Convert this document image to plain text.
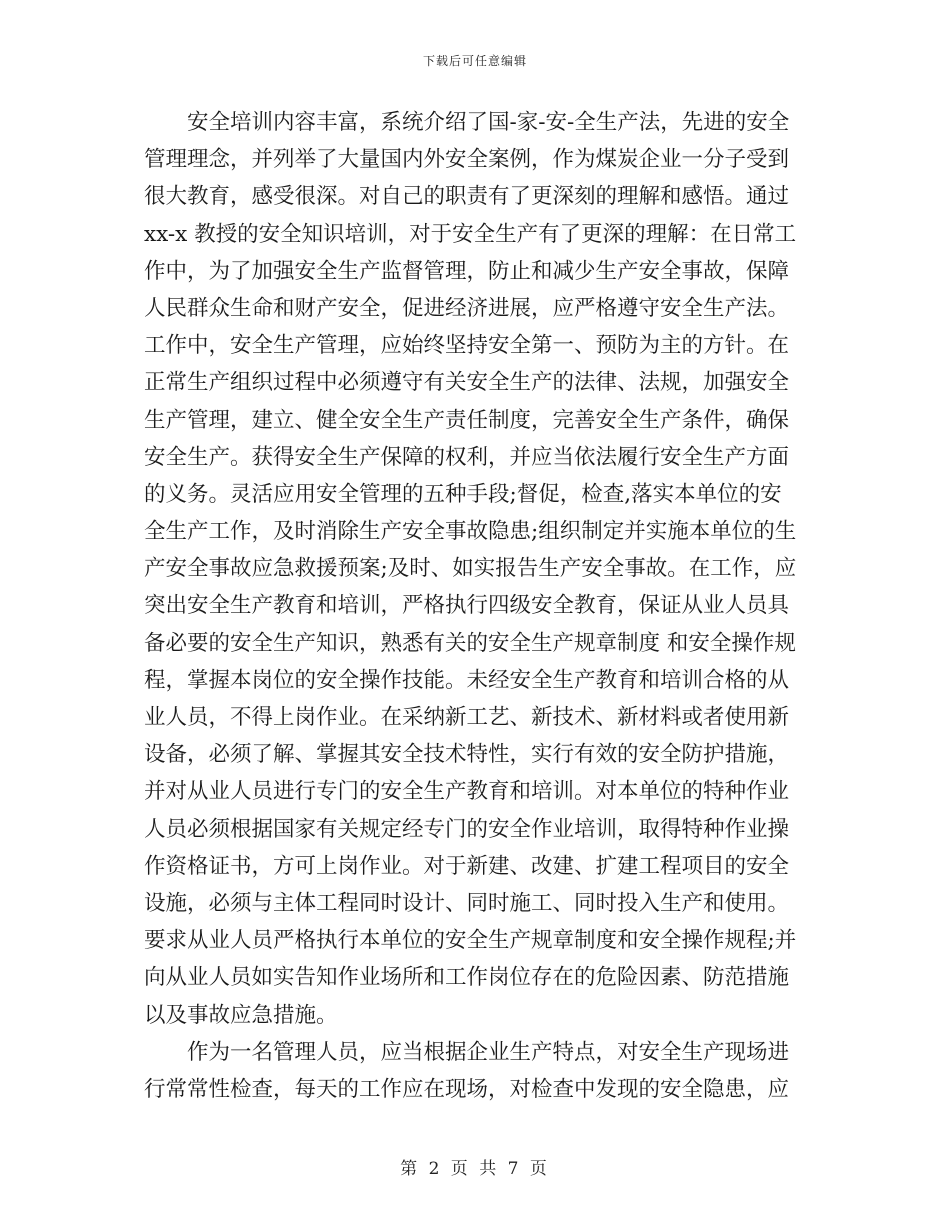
下载后可任意编辑
安全培训内容丰富，系统介绍了国-家-安-全生产法，先进的安全
管理理念，并列举了大量国内外安全案例，作为煤炭企业一分子受到
很大教育，感受很深。对自己的职责有了更深刻的理解和感悟。通过
xx-x 教授的安全知识培训，对于安全生产有了更深的理解：在日常工
作中，为了加强安全生产监督管理，防止和减少生产安全事故，保障
人民群众生命和财产安全，促进经济进展，应严格遵守安全生产法。
工作中，安全生产管理，应始终坚持安全第一、预防为主的方针。在
正常生产组织过程中必须遵守有关安全生产的法律、法规，加强安全
生产管理，建立、健全安全生产责任制度，完善安全生产条件，确保
安全生产。获得安全生产保障的权利，并应当依法履行安全生产方面
的义务。灵活应用安全管理的五种手段;督促，检查,落实本单位的安
全生产工作，及时消除生产安全事故隐患;组织制定并实施本单位的生
产安全事故应急救援预案;及时、如实报告生产安全事故。在工作，应
突出安全生产教育和培训，严格执行四级安全教育，保证从业人员具
备必要的安全生产知识，熟悉有关的安全生产规章制度 和安全操作规
程，掌握本岗位的安全操作技能。未经安全生产教育和培训合格的从
业人员，不得上岗作业。在采纳新工艺、新技术、新材料或者使用新
设备，必须了解、掌握其安全技术特性，实行有效的安全防护措施，
并对从业人员进行专门的安全生产教育和培训。对本单位的特种作业
人员必须根据国家有关规定经专门的安全作业培训，取得特种作业操
作资格证书，方可上岗作业。对于新建、改建、扩建工程项目的安全
设施，必须与主体工程同时设计、同时施工、同时投入生产和使用。
要求从业人员严格执行本单位的安全生产规章制度和安全操作规程;并
向从业人员如实告知作业场所和工作岗位存在的危险因素、防范措施
以及事故应急措施。
作为一名管理人员，应当根据企业生产特点，对安全生产现场进
行常常性检查，每天的工作应在现场，对检查中发现的安全隐患，应
第 2 页 共 7 页
